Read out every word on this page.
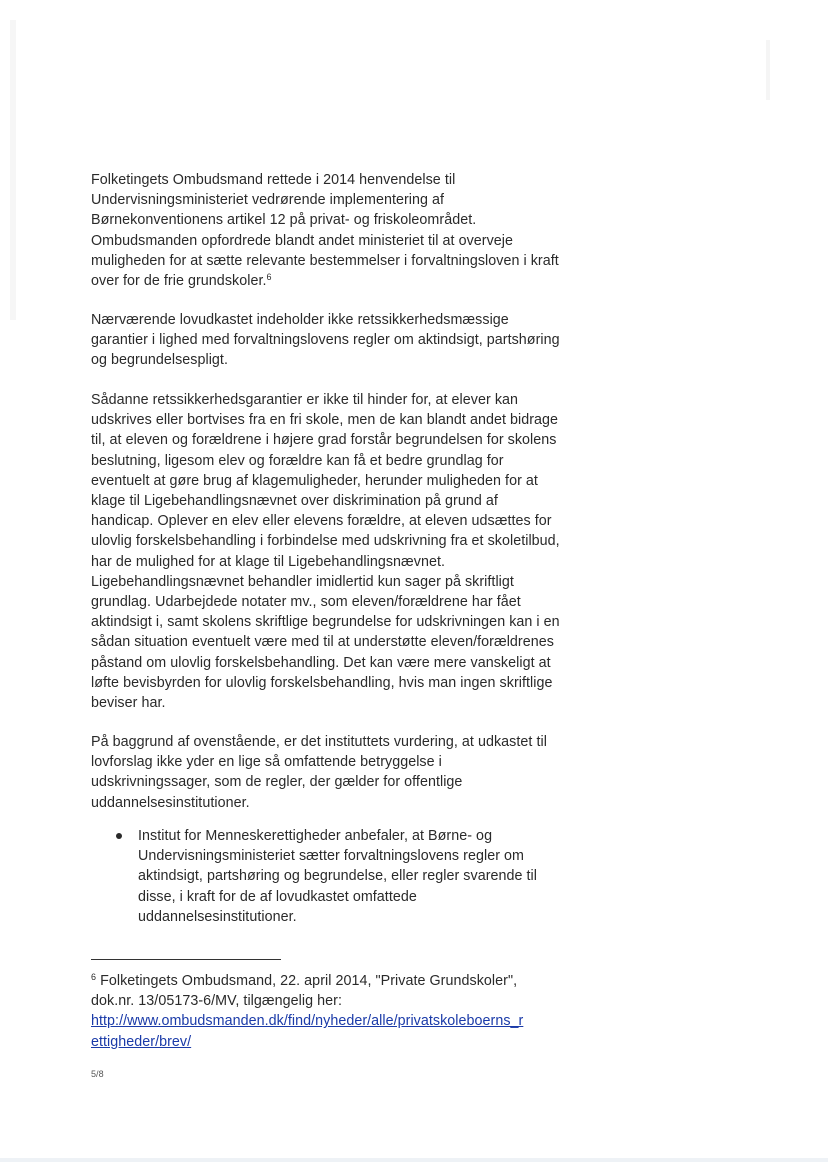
Folketingets Ombudsmand rettede i 2014 henvendelse til Undervisningsministeriet vedrørende implementering af Børnekonventionens artikel 12 på privat- og friskoleområdet. Ombudsmanden opfordrede blandt andet ministeriet til at overveje muligheden for at sætte relevante bestemmelser i forvaltningsloven i kraft over for de frie grundskoler.$^6$

Nærværende lovudkastet indeholder ikke retssikkerhedsmæssige garantier i lighed med forvaltningslovens regler om aktindsigt, partshøring og begrundelsespligt.

Sådanne retssikkerhedsgarantier er ikke til hinder for, at elever kan udskrives eller bortvises fra en fri skole, men de kan blandt andet bidrage til, at eleven og forældrene i højere grad forstår begrundelsen for skolens beslutning, ligesom elev og forældre kan få et bedre grundlag for eventuelt at gøre brug af klagemuligheder, herunder muligheden for at klage til Ligebehandlingsnævnet over diskrimination på grund af handicap. Oplever en elev eller elevens forældre, at eleven udsættes for ulovlig forskelsbehandling i forbindelse med udskrivning fra et skoletilbud, har de mulighed for at klage til Ligebehandlingsnævnet. Ligebehandlingsnævnet behandler imidlertid kun sager på skriftligt grundlag. Udarbejdede notater mv., som eleven/forældrene har fået aktindsigt i, samt skolens skriftlige begrundelse for udskrivningen kan i en sådan situation eventuelt være med til at understøtte eleven/forældrenes påstand om ulovlig forskelsbehandling. Det kan være mere vanskeligt at løfte bevisbyrden for ulovlig forskelsbehandling, hvis man ingen skriftlige beviser har.

På baggrund af ovenstående, er det instituttets vurdering, at udkastet til lovforslag ikke yder en lige så omfattende betryggelse i udskrivningssager, som de regler, der gælder for offentlige uddannelsesinstitutioner.

Institut for Menneskerettigheder anbefaler, at Børne- og Undervisningsministeriet sætter forvaltningslovens regler om aktindsigt, partshøring og begrundelse, eller regler svarende til disse, i kraft for de af lovudkastet omfattede uddannelsesinstitutioner.

$^6$ Folketingets Ombudsmand, 22. april 2014, "Private Grundskoler", dok.nr. 13/05173-6/MV, tilgængelig her:
http://www.ombudsmanden.dk/find/nyheder/alle/privatskoleboerns_r ettigheder/brev/

5/8
